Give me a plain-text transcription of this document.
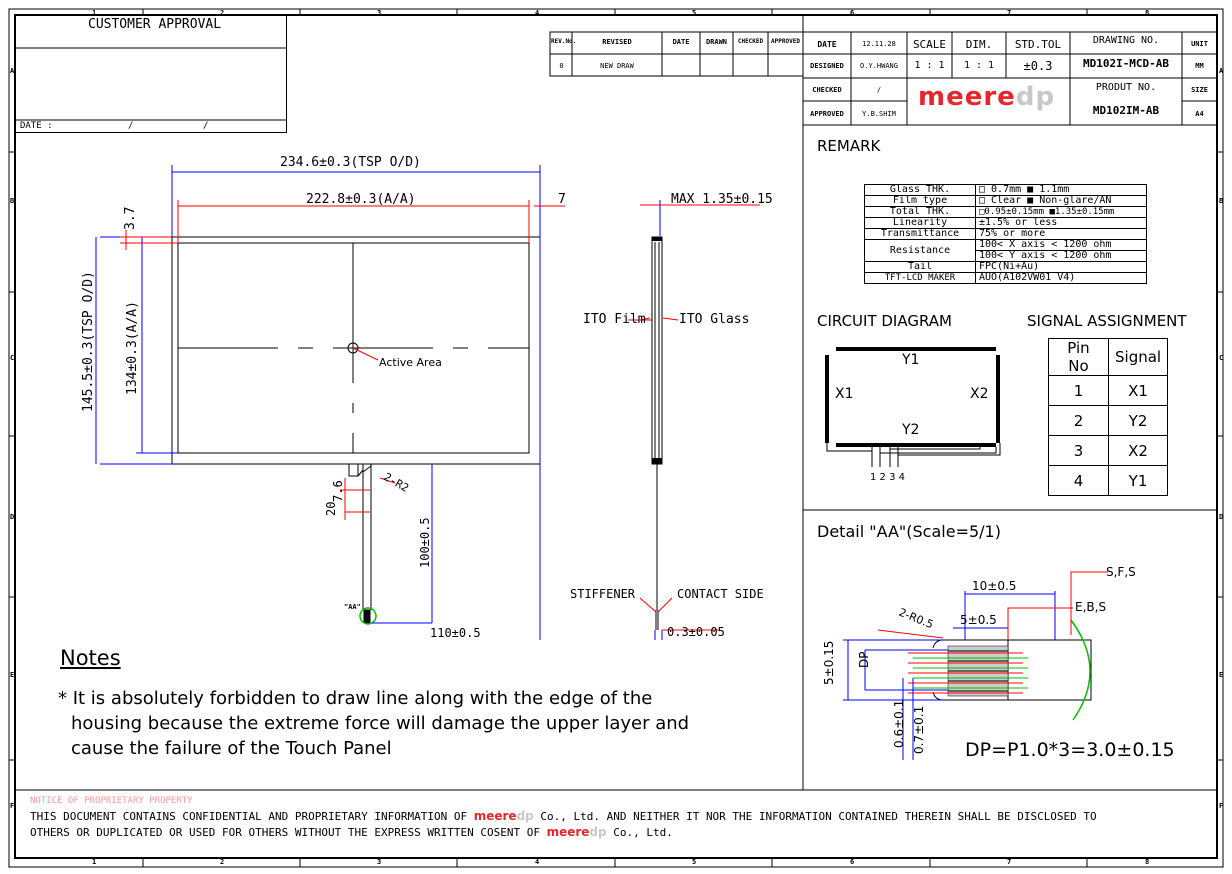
1	2	3	4	5	6	7	8
1	2	3	4	5	6	7	8
A
B
C
D
E
F
A
B
C
D
E
F
CUSTOMER APPROVAL
DATE :	/	/
REV.No.	REVISED	DATE	DRAWN	CHECKED	APPROVED
0	NEW DRAW
DATE	12.11.28
DESIGNED	O.Y.HWANG
CHECKED	/
APPROVED	Y.B.SHIM
SCALE
1 : 1
DIM.
1 : 1
STD.TOL
±0.3
DRAWING NO.
MD102I-MCD-AB
PRODUT NO.
MD102IM-AB
UNIT
MM
SIZE
A4
meeredp
REMARK
Glass THK.	□ 0.7mm ■ 1.1mm
Film type	□ Clear ■ Non-glare/AN
Total THK.	□0.95±0.15mm ■1.35±0.15mm
Linearity	±1.5% or less
Transmittance	75% or more
Resistance	100< X axis < 1200 ohm
	100< Y axis < 1200 ohm
Tail	FPC(Ni+Au)
TFT-LCD MAKER	AUO(A102VW01 V4)
CIRCUIT DIAGRAM
Y1
X1	X2
Y2
1 2 3 4
SIGNAL ASSIGNMENT
Pin No	Signal
1	X1
2	Y2
3	X2
4	Y1
Detail "AA"(Scale=5/1)
S,F,S
E,B,S
10±0.5
5±0.5
2-R0.5
5±0.15 DP
0.6±0.1 0.7±0.1 DP=P1.0*3=3.0±0.15
234.6±0.3(TSP O/D)
222.8±0.3(A/A)	7
3.7
145.5±0.3(TSP O/D) 134±0.3(A/A)	Active Area
7.6
20
2-R2
100±0.5
110±0.5
"AA"
MAX 1.35±0.15
ITO Film	ITO Glass
STIFFENER	CONTACT SIDE
0.3±0.05
Notes
* It is absolutely forbidden to draw line along with the edge of the
housing because the extreme force will damage the upper layer and
cause the failure of the Touch Panel
NOTICE OF PROPRIETARY PROPERTY
THIS DOCUMENT CONTAINS CONFIDENTIAL AND PROPRIETARY INFORMATION OF meeredp Co., Ltd. AND NEITHER IT NOR THE INFORMATION CONTAINED THEREIN SHALL BE DISCLOSED TO
OTHERS OR DUPLICATED OR USED FOR OTHERS WITHOUT THE EXPRESS WRITTEN COSENT OF meeredp Co., Ltd.
